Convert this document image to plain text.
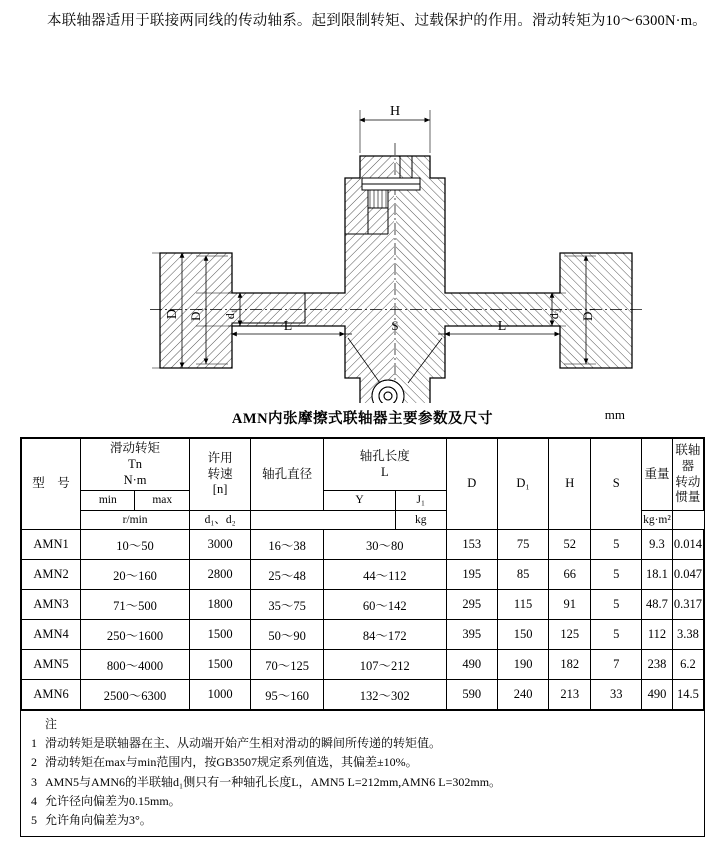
本联轴器适用于联接两同线的传动轴系。起到限制转矩、过载保护的作用。滑动转矩为10～6300N·m。
H
D D₁ d₁	d₂ D₁
L	L
S
AMN内张摩擦式联轴器主要参数及尺寸	mm
型　号	
滑动转矩
Tn
N·m

许用
转速
[n]
	轴孔直径	
轴孔长度
L
	D	D₁	H	S	重量	
联轴器
转动惯量

	min	max			Y	J₁						
	r/min		d₁、d₂			kg					kg·m²	
AMN1	10～50		3000	16～38	30～80		153	75	52	5	9.3	0.014
AMN2	20～160		2800	25～48	44～112		195	85	66	5	18.1	0.047
AMN3	71～500		1800	35～75	60～142		295	115	91	5	48.7	0.317
AMN4	250～1600		1500	50～90	84～172		395	150	125	5	112	3.38
AMN5	800～4000		1500	70～125	107～212		490	190	182	7	238	6.2
AMN6	2500～6300		1000	95～160	132～302		590	240	213	33	490	14.5
注
1 滑动转矩是联轴器在主、从动端开始产生相对滑动的瞬间所传递的转矩值。
2 滑动转矩在max与min范围内，按GB3507规定系列值选，其偏差±10%。
3 AMN5与AMN6的半联轴d₁侧只有一种轴孔长度L，AMN5 L=212mm,AMN6 L=302mm。
4 允许径向偏差为0.15mm。
5 允许角向偏差为3°。
